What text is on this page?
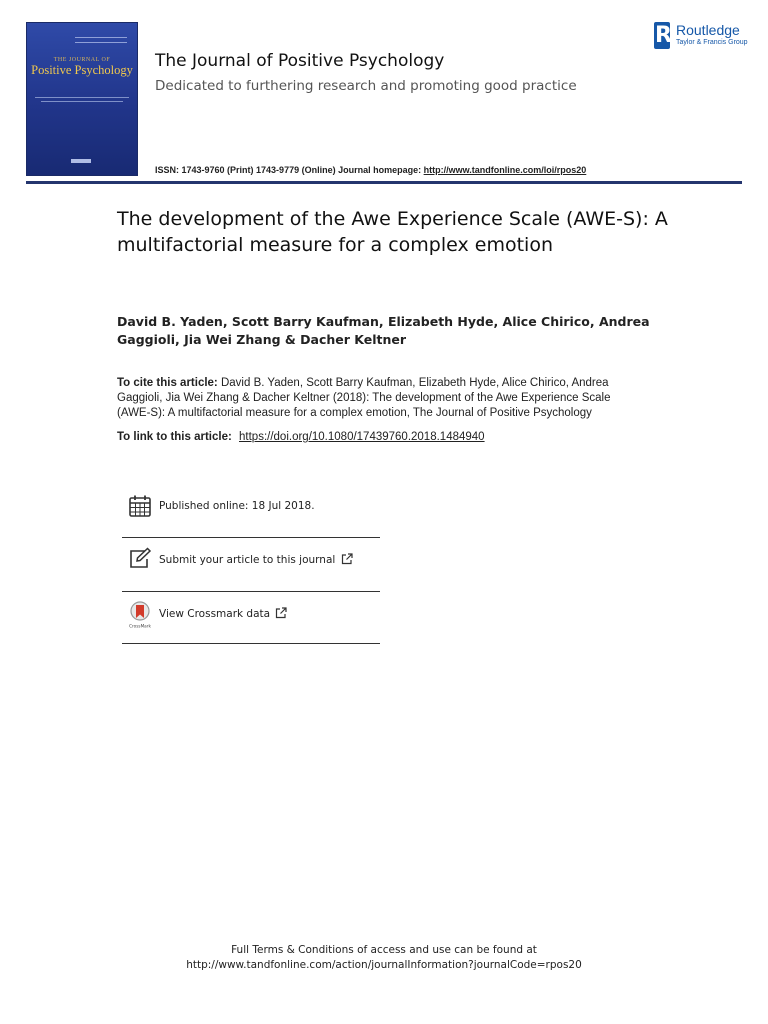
THE JOURNAL OF
Positive Psychology The Journal of Positive Psychology
Dedicated to furthering research and promoting good practice
ISSN: 1743-9760 (Print) 1743-9779 (Online) Journal homepage: http://www.tandfonline.com/loi/rpos20
R Routledge
Taylor & Francis Group
The development of the Awe Experience Scale (AWE-S): A multifactorial measure for a complex emotion
David B. Yaden, Scott Barry Kaufman, Elizabeth Hyde, Alice Chirico, Andrea Gaggioli, Jia Wei Zhang & Dacher Keltner
To cite this article: David B. Yaden, Scott Barry Kaufman, Elizabeth Hyde, Alice Chirico, Andrea Gaggioli, Jia Wei Zhang & Dacher Keltner (2018): The development of the Awe Experience Scale (AWE-S): A multifactorial measure for a complex emotion, The Journal of Positive Psychology
To link to this article: https://doi.org/10.1080/17439760.2018.1484940
Published online: 18 Jul 2018.
Submit your article to this journal
CrossMark
View Crossmark data
Full Terms & Conditions of access and use can be found at
http://www.tandfonline.com/action/journalInformation?journalCode=rpos20
